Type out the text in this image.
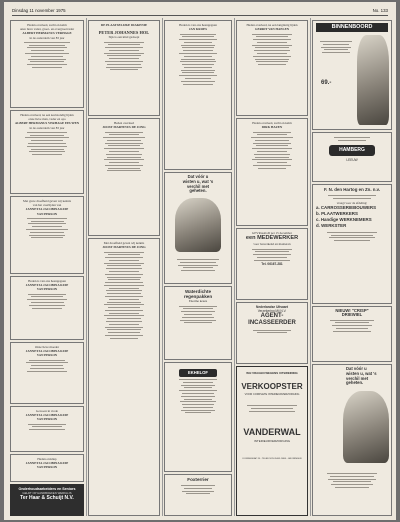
Dinsdag 11 november 1975	No. 133
Heden overleed, zacht en kalm
onze lieve vader, groot- en overgrootvader
ALBERT HERMANUS VERHAGE
in de ouderdom van 83 jaar
Heden overleed, na een kortstondig lijden
onze lieve man, vader en opa
ALBERT HERMANUS VERHAGE EEUWEN
in de ouderdom van 83 jaar
Met grote droefheid geven wij kennis
van het overlijden van
JANNETJA JACOBINA KUIP
VAN PERSON
Heden is van ons heengegaan
JANNETJA JACOBINA KUIP
VAN PERSON
Onze lieve moeder
JANNETJA JACOBINA KUIP
VAN PERSON
Gewoon in vrede
JANNETJA JACOBINA KUIP
VAN PERSON
Heden ontsliep
JANNETJA JACOBINA KUIP
VAN PERSON
Onderhoudsarbeiders en Seniors
GELDT OP HANDBOEKEN WERKLIJS
Ter Haar & Schuijt N.V.
DE PLAATSELIJKE DIAKENIE
PETER JOHANNES HOL
Sijk is een kind gedoopt
Heden overleed
JOOST MARTINUS DE JONG
Met droefheid geven wij kennis
JOOST MARTINUS DE JONG
Heden is van ons heengegaan
JAN KROES
Dat vóór u
wisten u, wat 's
verchil met
geheten.
Waterdichte
regenpakken
Enorme keuze
EKHELOF
Foxterrier
Heden overleed, na een langdurig lijden
GERRIT VAN HAELEN
Heden overleed, zacht en kalm
DIRK HAZEN
GEVRAAGD per 15 december
een MEDEWERKER
voor bewerkend en monteren
Tel. 06167-281
Nederlandse Uitvaart
Verzekering Mij N.V.
AGENT-
INCASSEERDER
BINNENBOORD
69.-
HAMBERG
LEEUW
F. N. den Hartog en Zn. n.v.
vraagt voor de afdeling:
a. CARROSSERIEBOUWERS
b. PLAATWERKERS
c. Handige WERKNEMERS
d. WERKSTER
NIEUW! "CRISP"
DRIEWIEL
Dat vóór u
wisten u, wat 's
verchil met
geheten.
WIJ VRAGEN WEGENS UITBREIDING
VERKOOPSTER
VOOR COMPLETE INTERIEURVERZORGING
VANDERWAL
INTERIEURVERZORGING
KONINGSKAP 26 - TELEFOON 05401-9084 - GRONINGEN
